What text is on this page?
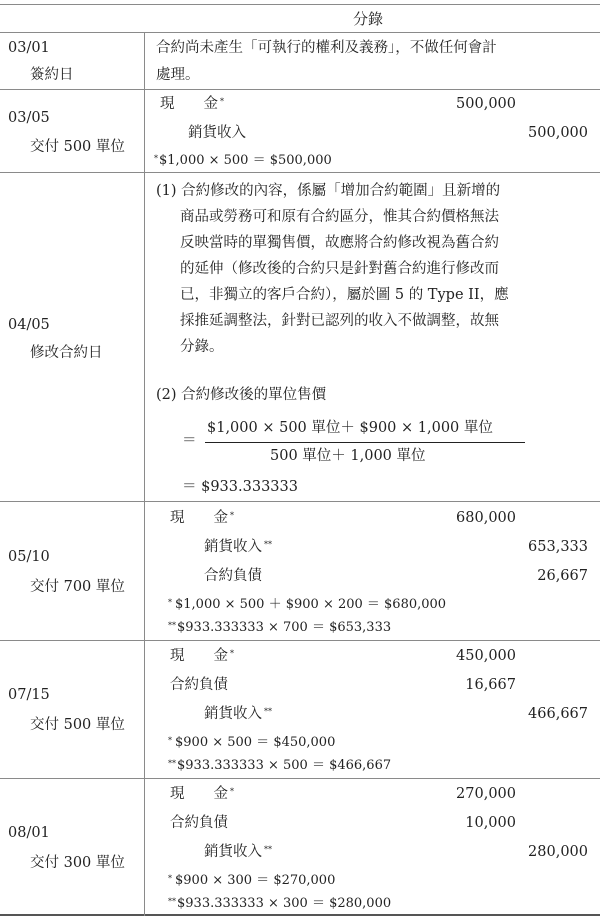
分錄
03/01
簽約日
合約尚未產生「可執行的權利及義務」，不做任何會計
處理。
03/05
交付 500 單位
現　　金 *	500,000
銷貨收入	500,000
*$1,000 × 500 ＝ $500,000
04/05
修改合約日
(1) 合約修改的內容，係屬「增加合約範圍」且新增的
商品或勞務可和原有合約區分，惟其合約價格無法
反映當時的單獨售價，故應將合約修改視為舊合約
的延伸（修改後的合約只是針對舊合約進行修改而
已，非獨立的客戶合約），屬於圖 5 的 Type II，應
採推延調整法，針對已認列的收入不做調整，故無
分錄。
(2) 合約修改後的單位售價
＝
$1,000 × 500 單位＋ $900 × 1,000 單位
500 單位＋ 1,000 單位
＝ $933.333333
05/10
交付 700 單位
現　　金 *	680,000
銷貨收入 **	653,333
合約負債	26,667
* $1,000 × 500 ＋ $900 × 200 ＝ $680,000
**$933.333333 × 700 ＝ $653,333
07/15
交付 500 單位
現　　金 *	450,000
合約負債	16,667
銷貨收入 **	466,667
* $900 × 500 ＝ $450,000
**$933.333333 × 500 ＝ $466,667
08/01
交付 300 單位
現　　金 *	270,000
合約負債	10,000
銷貨收入 **	280,000
* $900 × 300 ＝ $270,000
**$933.333333 × 300 ＝ $280,000
